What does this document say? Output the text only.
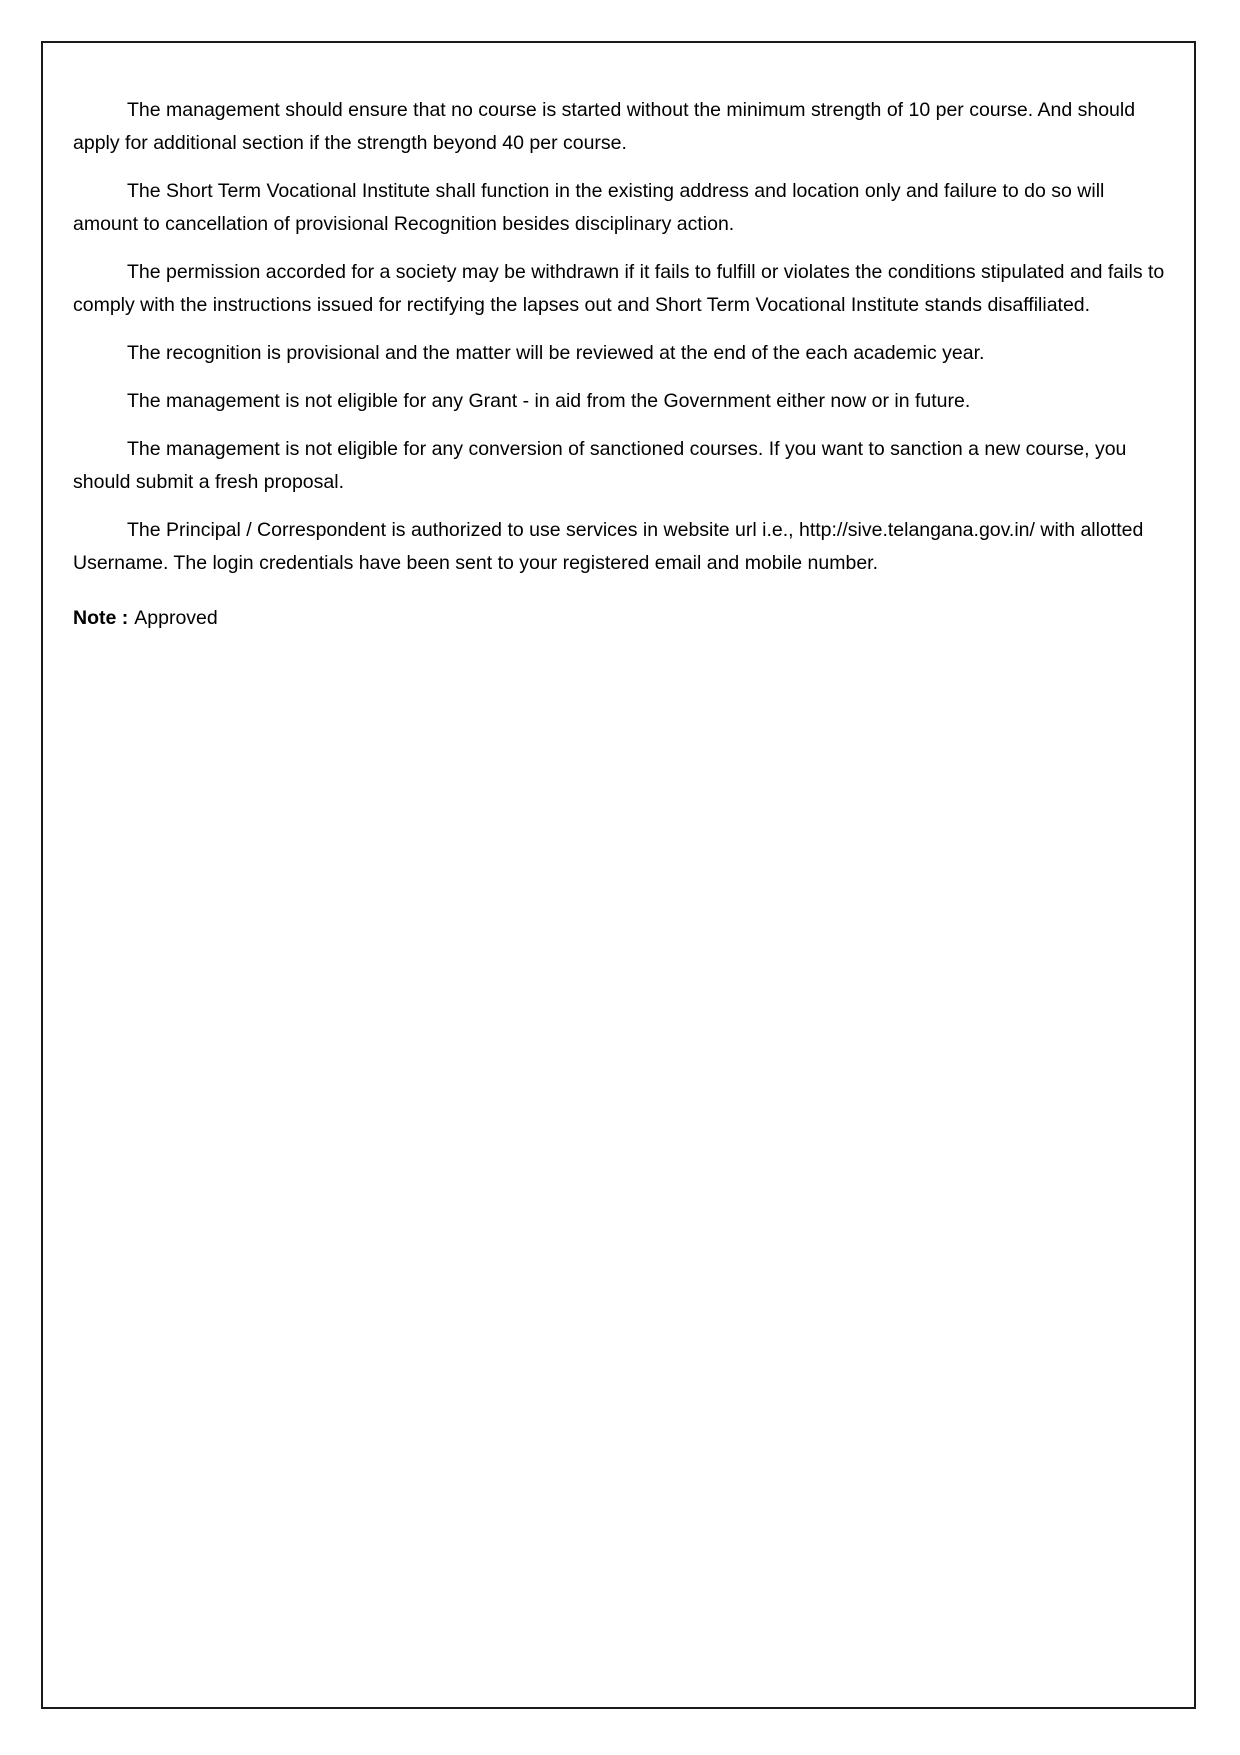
The management should ensure that no course is started without the minimum strength of 10 per course. And should apply for additional section if the strength beyond 40 per course.

The Short Term Vocational Institute shall function in the existing address and location only and failure to do so will amount to cancellation of provisional Recognition besides disciplinary action.

The permission accorded for a society may be withdrawn if it fails to fulfill or violates the conditions stipulated and fails to comply with the instructions issued for rectifying the lapses out and Short Term Vocational Institute stands disaffiliated.

The recognition is provisional and the matter will be reviewed at the end of the each academic year.

The management is not eligible for any Grant - in aid from the Government either now or in future.

The management is not eligible for any conversion of sanctioned courses. If you want to sanction a new course, you should submit a fresh proposal.

The Principal / Correspondent is authorized to use services in website url i.e., http://sive.telangana.gov.in/ with allotted Username. The login credentials have been sent to your registered email and mobile number.

Note : Approved
